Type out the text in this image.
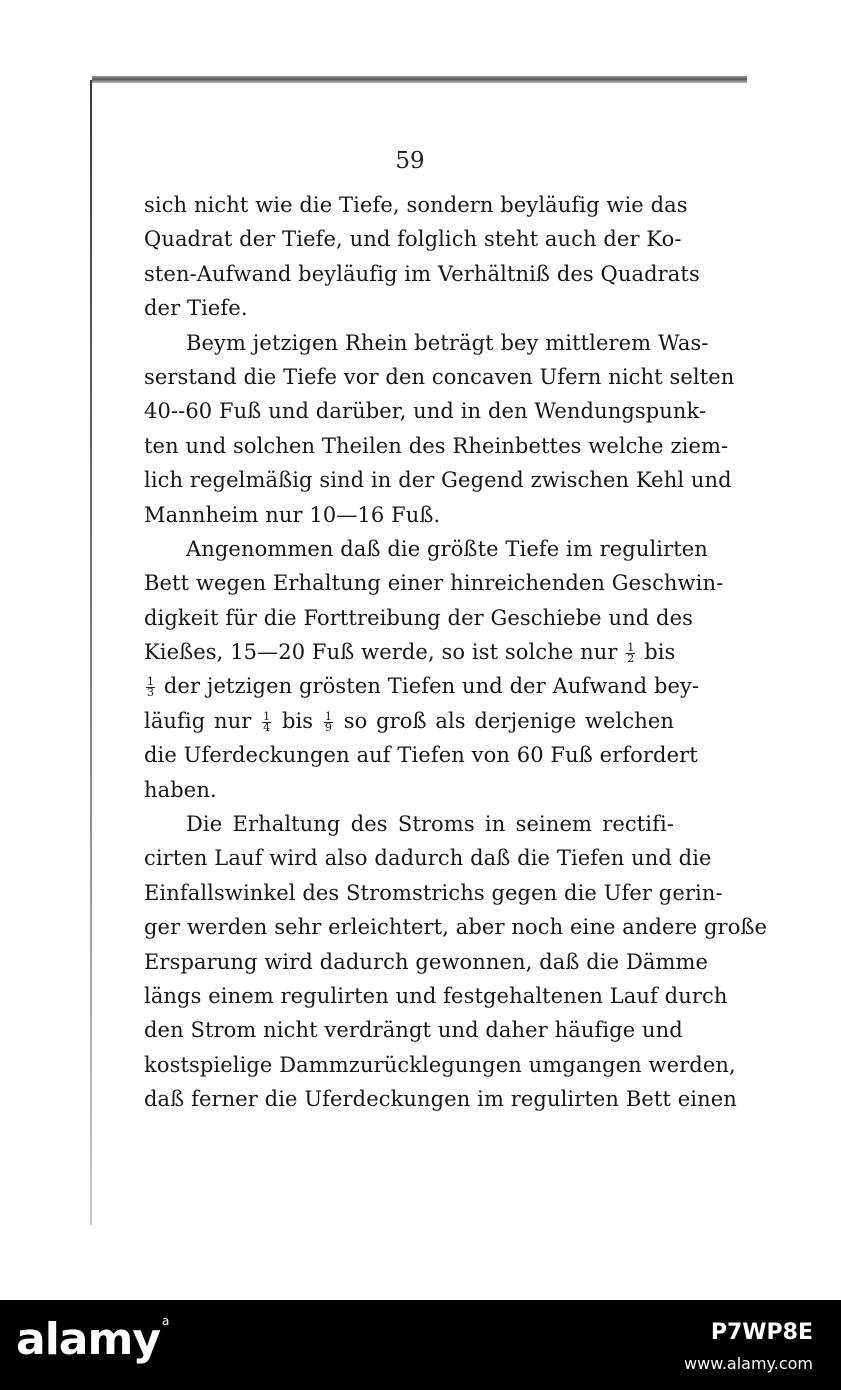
59
sich nicht wie die Tiefe, sondern beyläufig wie das
Quadrat der Tiefe, und folglich steht auch der Ko-
sten-Aufwand beyläufig im Verhältniß des Quadrats
der Tiefe.
Beym jetzigen Rhein beträgt bey mittlerem Was-
serstand die Tiefe vor den concaven Ufern nicht selten
40--60 Fuß und darüber, und in den Wendungspunk-
ten und solchen Theilen des Rheinbettes welche ziem-
lich regelmäßig sind in der Gegend zwischen Kehl und
Mannheim nur 10—16 Fuß.
Angenommen daß die größte Tiefe im regulirten
Bett wegen Erhaltung einer hinreichenden Geschwin-
digkeit für die Forttreibung der Geschiebe und des
Kießes, 15—20 Fuß werde, so ist solche nur $\frac{1}{2}$ bis
$\frac{1}{3}$ der jetzigen grösten Tiefen und der Aufwand bey-
läufig nur $\frac{1}{4}$ bis $\frac{1}{9}$ so groß als derjenige welchen
die Uferdeckungen auf Tiefen von 60 Fuß erfordert
haben.
Die Erhaltung des Stroms in seinem rectifi-
cirten Lauf wird also dadurch daß die Tiefen und die
Einfallswinkel des Stromstrichs gegen die Ufer gerin-
ger werden sehr erleichtert, aber noch eine andere große
Ersparung wird dadurch gewonnen, daß die Dämme
längs einem regulirten und festgehaltenen Lauf durch
den Strom nicht verdrängt und daher häufige und
kostspielige Dammzurücklegungen umgangen werden,
daß ferner die Uferdeckungen im regulirten Bett einen
alamy $^a$	P7WP8E
www.alamy.com
